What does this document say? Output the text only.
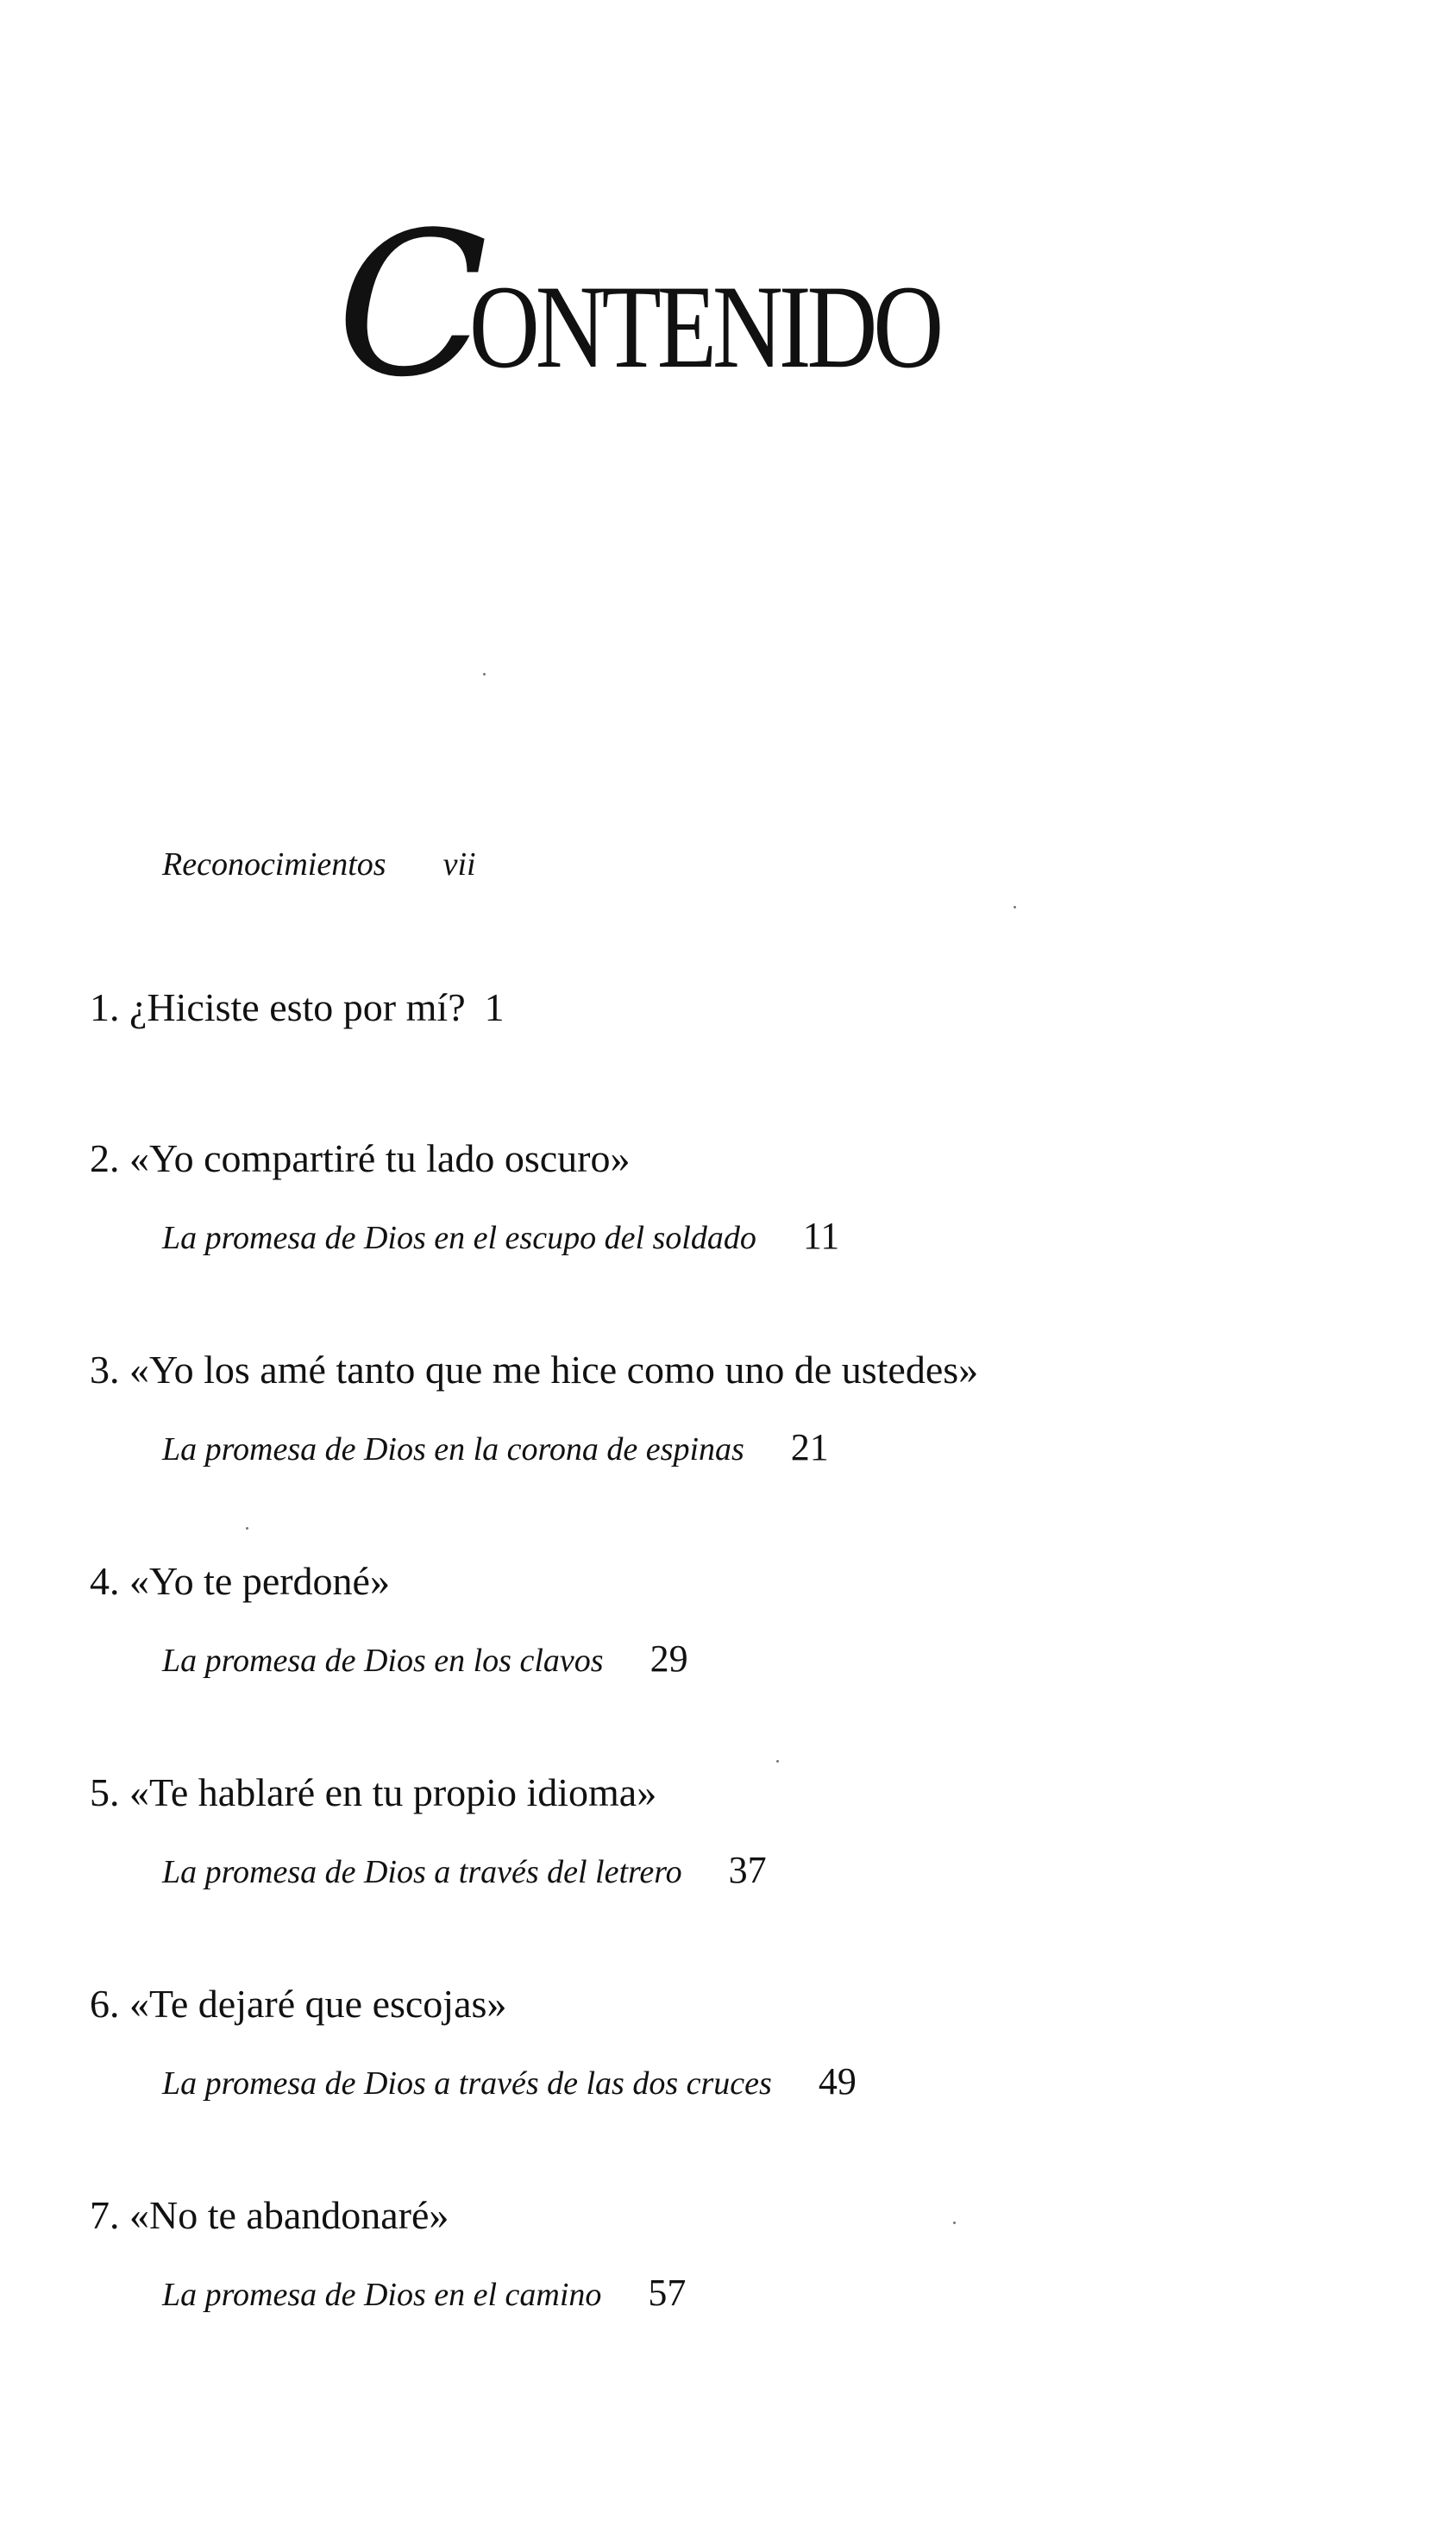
CONTENIDO
Reconocimientos vii
1. ¿Hiciste esto por mí? 1
2. «Yo compartiré tu lado oscuro»
La promesa de Dios en el escupo del soldado 11
3. «Yo los amé tanto que me hice como uno de ustedes»
La promesa de Dios en la corona de espinas 21
4. «Yo te perdoné»
La promesa de Dios en los clavos 29
5. «Te hablaré en tu propio idioma»
La promesa de Dios a través del letrero 37
6. «Te dejaré que escojas»
La promesa de Dios a través de las dos cruces 49
7. «No te abandonaré»
La promesa de Dios en el camino 57
